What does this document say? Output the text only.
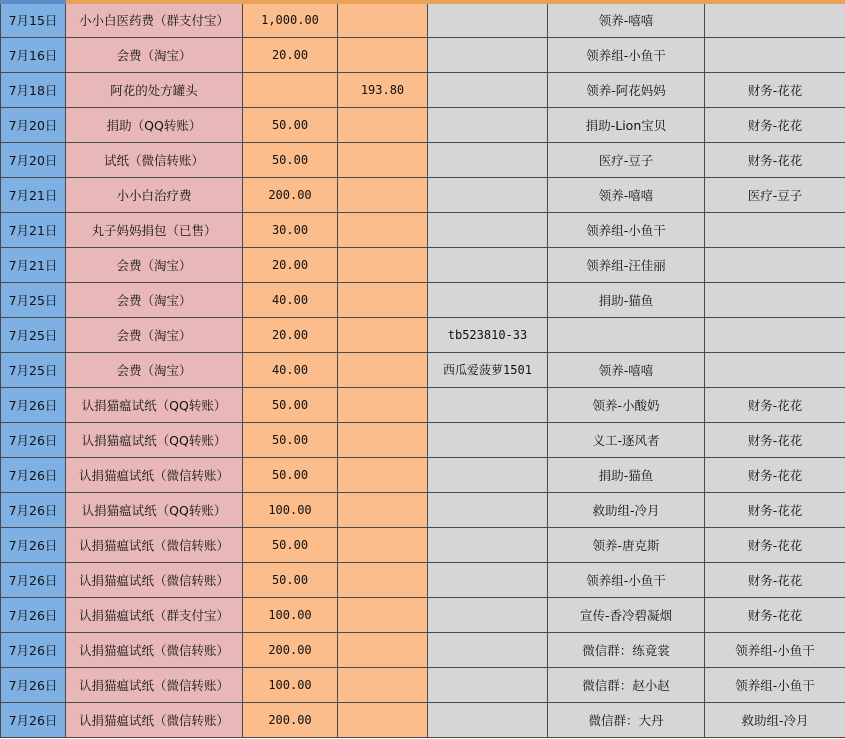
7月15日	小小白医药费（群支付宝）	1,000.00			领养-嘻嘻	
7月16日	会费（淘宝）	20.00			领养组-小鱼干	
7月18日	阿花的处方罐头		193.80		领养-阿花妈妈	财务-花花
7月20日	捐助（QQ转账）	50.00			捐助-Lion宝贝	财务-花花
7月20日	试纸（微信转账）	50.00			医疗-豆子	财务-花花
7月21日	小小白治疗费	200.00			领养-嘻嘻	医疗-豆子
7月21日	丸子妈妈捐包（已售）	30.00			领养组-小鱼干	
7月21日	会费（淘宝）	20.00			领养组-汪佳丽	
7月25日	会费（淘宝）	40.00			捐助-猫鱼	
7月25日	会费（淘宝）	20.00		tb523810-33		
7月25日	会费（淘宝）	40.00		西瓜爱菠萝1501	领养-嘻嘻	
7月26日	认捐猫瘟试纸（QQ转账）	50.00			领养-小酸奶	财务-花花
7月26日	认捐猫瘟试纸（QQ转账）	50.00			义工-逐风者	财务-花花
7月26日	认捐猫瘟试纸（微信转账）	50.00			捐助-猫鱼	财务-花花
7月26日	认捐猫瘟试纸（QQ转账）	100.00			救助组-冷月	财务-花花
7月26日	认捐猫瘟试纸（微信转账）	50.00			领养-唐克斯	财务-花花
7月26日	认捐猫瘟试纸（微信转账）	50.00			领养组-小鱼干	财务-花花
7月26日	认捐猫瘟试纸（群支付宝）	100.00			宣传-香冷碧凝烟	财务-花花
7月26日	认捐猫瘟试纸（微信转账）	200.00			微信群：练竟裳	领养组-小鱼干
7月26日	认捐猫瘟试纸（微信转账）	100.00			微信群：赵小赵	领养组-小鱼干
7月26日	认捐猫瘟试纸（微信转账）	200.00			微信群：大丹	救助组-冷月
